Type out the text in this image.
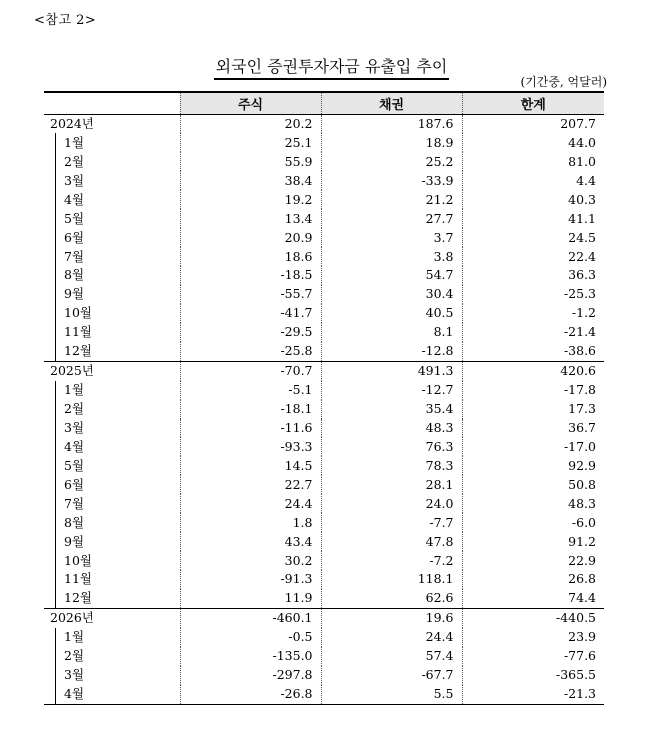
<참고 2>
외국인 증권투자자금 유출입 추이
(기간중, 억달러)
	주식	채권	한계
2024년	20.2	187.6	207.7
1월	25.1	18.9	44.0
2월	55.9	25.2	81.0
3월	38.4	-33.9	4.4
4월	19.2	21.2	40.3
5월	13.4	27.7	41.1
6월	20.9	3.7	24.5
7월	18.6	3.8	22.4
8월	-18.5	54.7	36.3
9월	-55.7	30.4	-25.3
10월	-41.7	40.5	-1.2
11월	-29.5	8.1	-21.4
12월	-25.8	-12.8	-38.6
2025년	-70.7	491.3	420.6
1월	-5.1	-12.7	-17.8
2월	-18.1	35.4	17.3
3월	-11.6	48.3	36.7
4월	-93.3	76.3	-17.0
5월	14.5	78.3	92.9
6월	22.7	28.1	50.8
7월	24.4	24.0	48.3
8월	1.8	-7.7	-6.0
9월	43.4	47.8	91.2
10월	30.2	-7.2	22.9
11월	-91.3	118.1	26.8
12월	11.9	62.6	74.4
2026년	-460.1	19.6	-440.5
1월	-0.5	24.4	23.9
2월	-135.0	57.4	-77.6
3월	-297.8	-67.7	-365.5
4월	-26.8	5.5	-21.3
